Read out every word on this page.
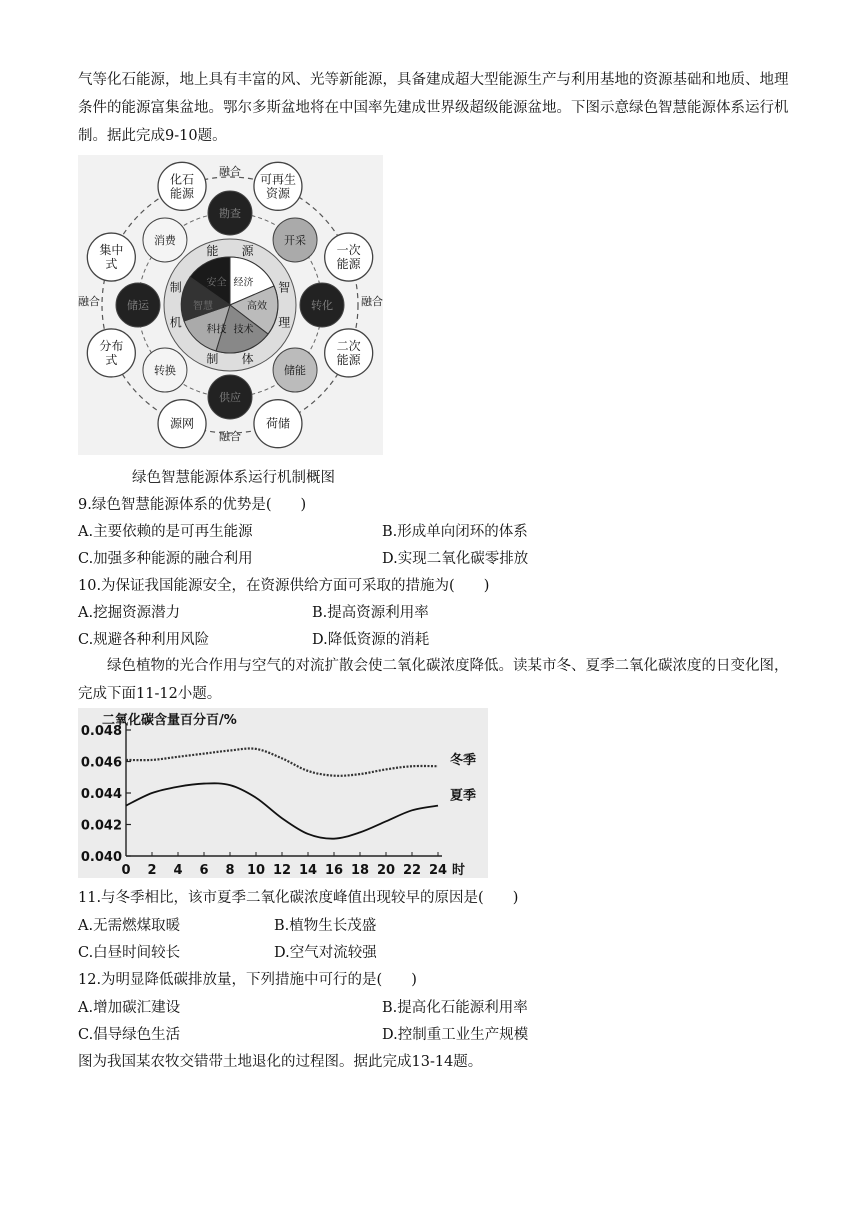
气等化石能源，地上具有丰富的风、光等新能源，具备建成超大型能源生产与利用基地的资源基础和地质、地理条件的能源富集盆地。鄂尔多斯盆地将在中国率先建成世界级超级能源盆地。下图示意绿色智慧能源体系运行机制。据此完成9-10题。
化石
能源
可再生
资源
一次
能源
二次
能源
荷储
源网
分布
式
集中
式
融合
融合
融合
融合
勘查
开采
转化
储能
供应
转换
储运
消费
能 源
智
理
体
制
机
制	经济
高效
技术
科技
智慧
安全
绿色智慧能源体系运行机制概图
9.绿色智慧能源体系的优势是(　　)
A.主要依赖的是可再生能源	B.形成单向闭环的体系
C.加强多种能源的融合利用	D.实现二氧化碳零排放
10.为保证我国能源安全，在资源供给方面可采取的措施为(　　)
A.挖掘资源潜力	B.提高资源利用率
C.规避各种利用风险	D.降低资源的消耗
绿色植物的光合作用与空气的对流扩散会使二氧化碳浓度降低。读某市冬、夏季二氧化碳浓度的日变化图，完成下面11-12小题。
二氧化碳含量百分百/%
0.040
0.042
0.044
0.046
0.048
0 2 4 6 8 10 12 14 16 18 20 22 24 时
冬季
夏季
11.与冬季相比，该市夏季二氧化碳浓度峰值出现较早的原因是(　　)
A.无需燃煤取暖	B.植物生长茂盛
C.白昼时间较长	D.空气对流较强
12.为明显降低碳排放量，下列措施中可行的是(　　)
A.增加碳汇建设	B.提高化石能源利用率
C.倡导绿色生活	D.控制重工业生产规模
图为我国某农牧交错带土地退化的过程图。据此完成13-14题。
